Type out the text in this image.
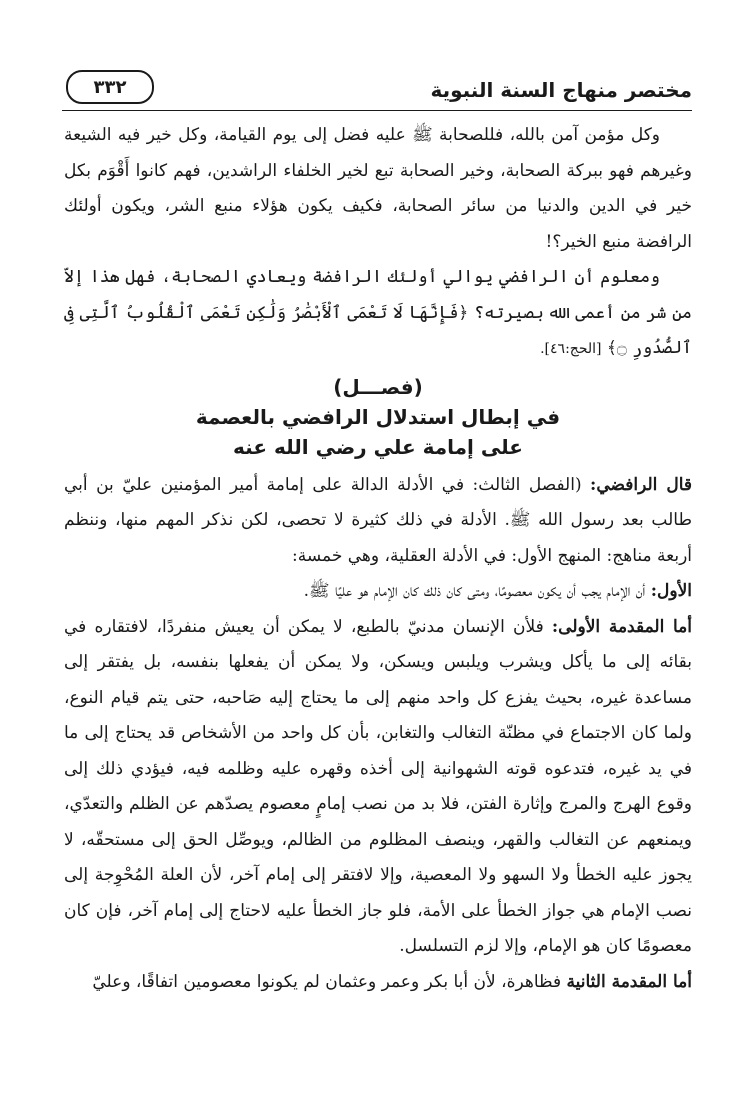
مختصر منهاج السنة النبوية
٣٣٢

وكل مؤمن آمن بالله، فللصحابة ﷺ عليه فضل إلى يوم القيامة، وكل خير فيه الشيعة وغيرهم فهو ببركة الصحابة، وخير الصحابة تبع لخير الخلفاء الراشدين، فهم كانوا أَقْوَم بكل خير في الدين والدنيا من سائر الصحابة، فكيف يكون هؤلاء منبع الشر، ويكون أولئك الرافضة منبع الخير؟!

ومعلوم أن الرافضي يوالي أولئك الرافضة ويعادي الصحابة، فهل هذا إلاّ من شر من أعمى الله بصيرته؟ ﴿فَإِنَّهَا لَا تَعْمَى ٱلْأَبْصَٰرُ وَلَٰكِن تَعْمَى ٱلْقُلُوبُ ٱلَّتِى فِى ٱلصُّدُورِ ۝﴾ [الحج:٤٦].

(فصـــل)
في إبطال استدلال الرافضي بالعصمة
على إمامة علي رضي الله عنه

قال الرافضي: (الفصل الثالث: في الأدلة الدالة على إمامة أمير المؤمنين عليّ بن أبي طالب بعد رسول الله ﷺ. الأدلة في ذلك كثيرة لا تحصى، لكن نذكر المهم منها، وننظم أربعة مناهج: المنهج الأول: في الأدلة العقلية، وهي خمسة:

الأول: أن الإمام يجب أن يكون معصومًا، ومتى كان ذلك كان الإمام هو عليًا ﷺ.

أما المقدمة الأولى: فلأن الإنسان مدنيّ بالطبع، لا يمكن أن يعيش منفردًا، لافتقاره في بقائه إلى ما يأكل ويشرب ويلبس ويسكن، ولا يمكن أن يفعلها بنفسه، بل يفتقر إلى مساعدة غيره، بحيث يفزع كل واحد منهم إلى ما يحتاج إليه صَاحبه، حتى يتم قيام النوع، ولما كان الاجتماع في مظنّة التغالب والتغابن، بأن كل واحد من الأشخاص قد يحتاج إلى ما في يد غيره، فتدعوه قوته الشهوانية إلى أخذه وقهره عليه وظلمه فيه، فيؤدي ذلك إلى وقوع الهرج والمرج وإثارة الفتن، فلا بد من نصب إمامٍ معصوم يصدّهم عن الظلم والتعدّي، ويمنعهم عن التغالب والقهر، وينصف المظلوم من الظالم، ويوصِّل الحق إلى مستحقّه، لا يجوز عليه الخطأ ولا السهو ولا المعصية، وإلا لافتقر إلى إمام آخر، لأن العلة المُحْوِجة إلى نصب الإمام هي جواز الخطأ على الأمة، فلو جاز الخطأ عليه لاحتاج إلى إمام آخر، فإن كان معصومًا كان هو الإمام، وإلا لزم التسلسل.

أما المقدمة الثانية فظاهرة، لأن أبا بكر وعمر وعثمان لم يكونوا معصومين اتفاقًا، وعليّ
